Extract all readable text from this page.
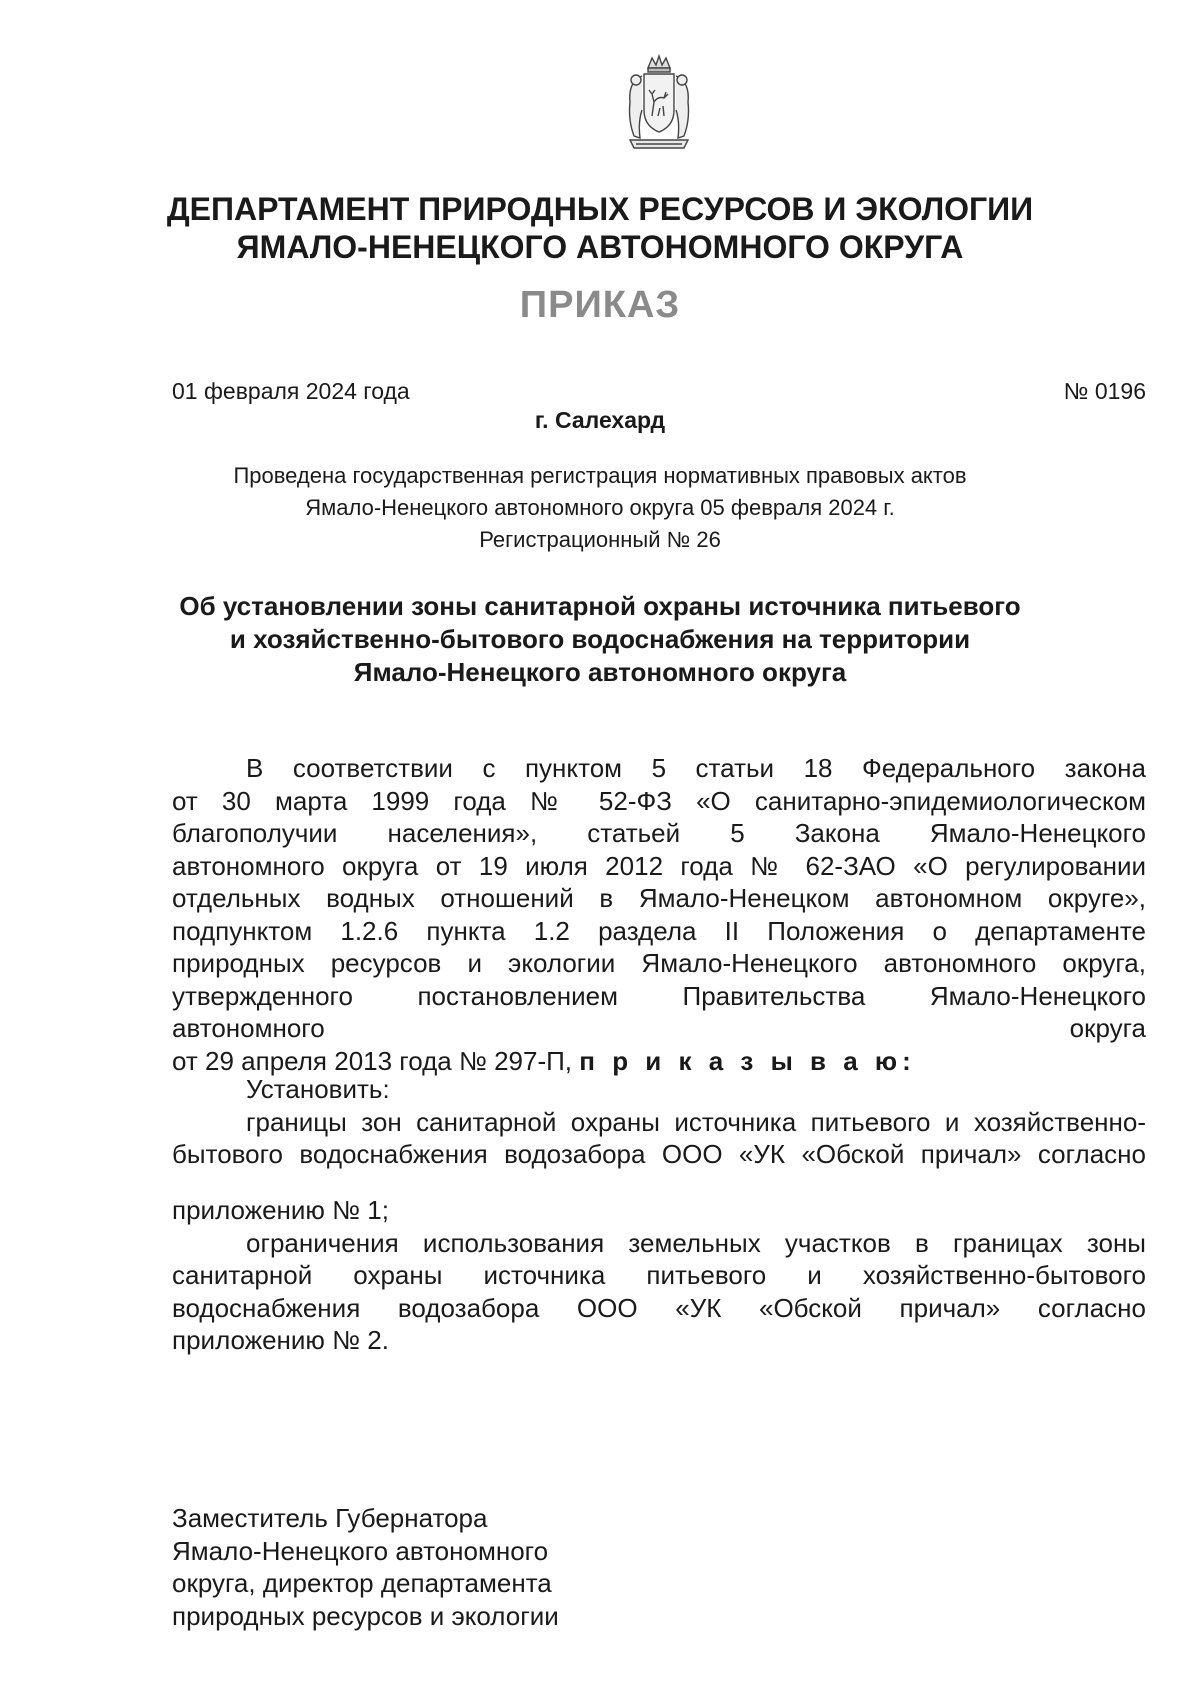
ДЕПАРТАМЕНТ ПРИРОДНЫХ РЕСУРСОВ И ЭКОЛОГИИ
ЯМАЛО-НЕНЕЦКОГО АВТОНОМНОГО ОКРУГА
ПРИКАЗ
01 февраля 2024 года	№ 0196
г. Салехард
Проведена государственная регистрация нормативных правовых актов
Ямало-Ненецкого автономного округа 05 февраля 2024 г.
Регистрационный № 26
Об установлении зоны санитарной охраны источника питьевого
и хозяйственно-бытового водоснабжения на территории
Ямало-Ненецкого автономного округа
В соответствии с пунктом 5 статьи 18 Федерального закона
от 30 марта 1999 года № 52-ФЗ «О санитарно-эпидемиологическом
благополучии населения», статьей 5 Закона Ямало-Ненецкого
автономного округа от 19 июля 2012 года № 62-ЗАО «О регулировании
отдельных водных отношений в Ямало-Ненецком автономном округе»,
подпунктом 1.2.6 пункта 1.2 раздела II Положения о департаменте
природных ресурсов и экологии Ямало-Ненецкого автономного округа,
утвержденного постановлением Правительства Ямало-Ненецкого
автономного округа
от 29 апреля 2013 года № 297-П, п р и к а з ы в а ю:
Установить:
границы зон санитарной охраны источника питьевого и хозяйственно-
бытового водоснабжения водозабора ООО «УК «Обской причал» согласно
приложению № 1;
ограничения использования земельных участков в границах зоны
санитарной охраны источника питьевого и хозяйственно-бытового
водоснабжения водозабора ООО «УК «Обской причал» согласно
приложению № 2.
Заместитель Губернатора
Ямало-Ненецкого автономного
округа, директор департамента
природных ресурсов и экологии
